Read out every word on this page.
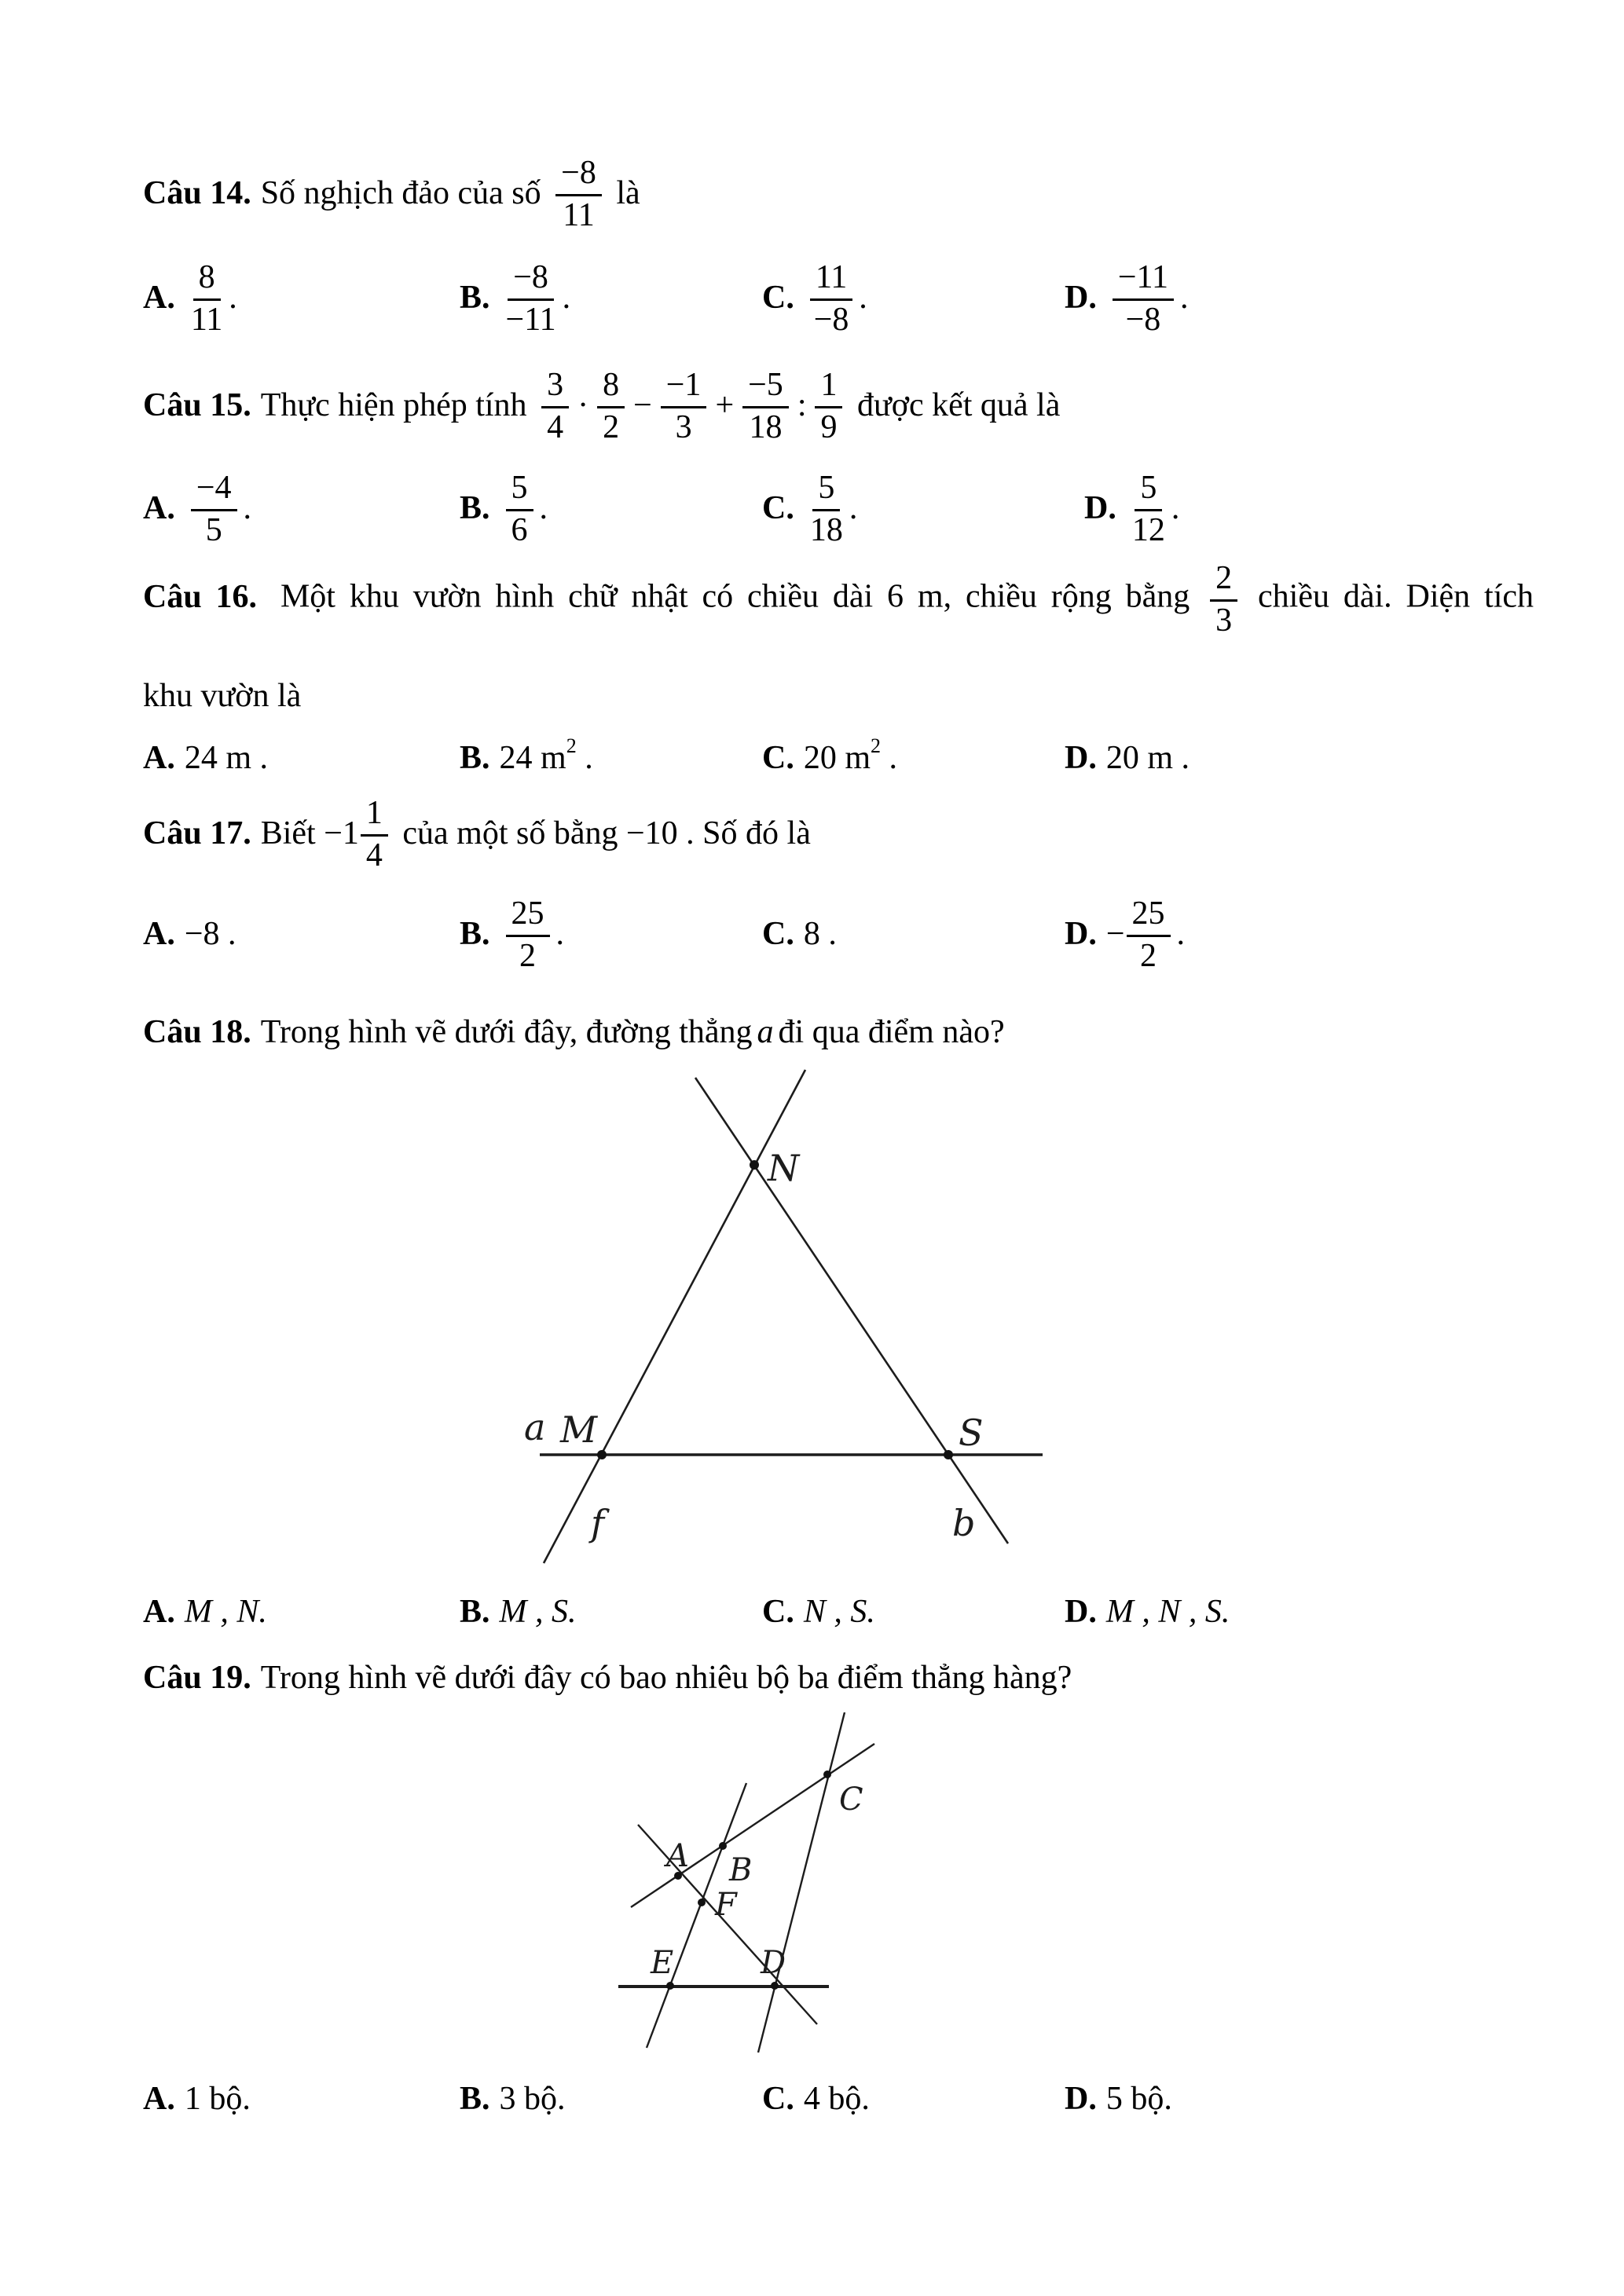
Câu 14. Số nghịch đảo của số $\frac{-8}{11}$ là
A. $\frac{8}{11}$ .	B. $\frac{-8}{-11}$ .	C. $\frac{11}{-8}$ .	D. $\frac{-11}{-8}$ .
Câu 15. Thực hiện phép tính $\frac{3}{4} \cdot \frac{8}{2} - \frac{-1}{3} + \frac{-5}{18}$ : $\frac{1}{9}$ được kết quả là
A. $\frac{-4}{5}$ .	B. $\frac{5}{6}$ .	C. $\frac{5}{18}$ .	D. $\frac{5}{12}$ .
Câu 16. Một khu vườn hình chữ nhật có chiều dài 6 m, chiều rộng bằng $\frac{2}{3}$ chiều dài. Diện tích
khu vườn là
A. 24 m .	B. 24 $m^2$ .	C. 20 $m^2$ .	D. 20 m .
Câu 17. Biết $-1 \frac{1}{4}$ của một số bằng −10 . Số đó là
A. −8 .	B. $\frac{25}{2}$ .	C. 8 .	D. − $\frac{25}{2}$ .
Câu 18. Trong hình vẽ dưới đây, đường thẳng a đi qua điểm nào?
a M
N
S
f	b
A. M , N.	B. M , S.	C. N , S.	D. M , N , S.
Câu 19. Trong hình vẽ dưới đây có bao nhiêu bộ ba điểm thẳng hàng?
A B
C
D
E
F
A. 1 bộ.	B. 3 bộ.	C. 4 bộ.	D. 5 bộ.
